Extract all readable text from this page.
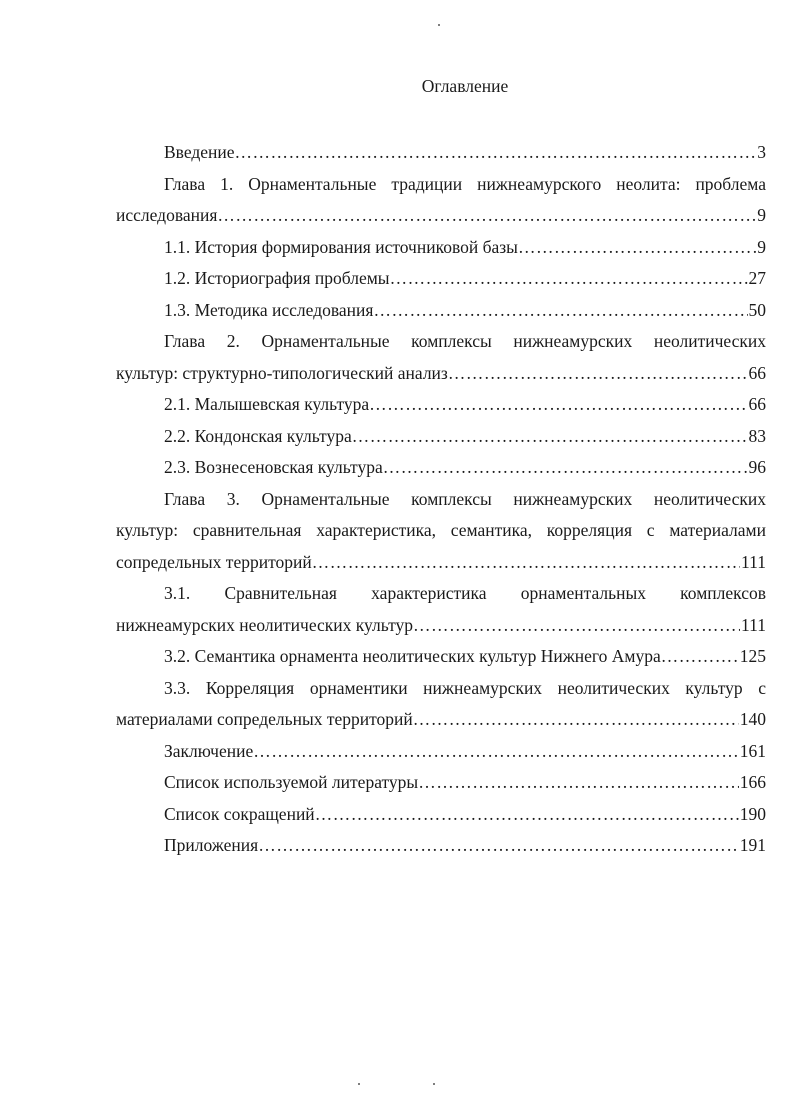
Оглавление
Введение ………………………………………………………………………………………………………………………………………………………………………………………………	3
Глава 1. Орнаментальные традиции нижнеамурского неолита: проблема
исследования ………………………………………………………………………………………………………………………………………………………………………………………………	9
1.1. История формирования источниковой базы ………………………………………………………………………………………………………………………………………………………………………………………………	9
1.2. Историография проблемы ………………………………………………………………………………………………………………………………………………………………………………………………	27
1.3. Методика исследования ………………………………………………………………………………………………………………………………………………………………………………………………	50
Глава 2. Орнаментальные комплексы нижнеамурских неолитических
культур: структурно-типологический анализ ………………………………………………………………………………………………………………………………………………………………………………………………	66
2.1. Малышевская культура ………………………………………………………………………………………………………………………………………………………………………………………………	66
2.2. Кондонская культура ………………………………………………………………………………………………………………………………………………………………………………………………	83
2.3. Вознесеновская культура ………………………………………………………………………………………………………………………………………………………………………………………………	96
Глава 3. Орнаментальные комплексы нижнеамурских неолитических
культур: сравнительная характеристика, семантика, корреляция с материалами
сопредельных территорий ………………………………………………………………………………………………………………………………………………………………………………………………	111
3.1. Сравнительная характеристика орнаментальных комплексов
нижнеамурских неолитических культур ………………………………………………………………………………………………………………………………………………………………………………………………	111
3.2. Семантика орнамента неолитических культур Нижнего Амура ………………………………………………………………………………………………………………………………………………………………………………………………	125
3.3. Корреляция орнаментики нижнеамурских неолитических культур с
материалами сопредельных территорий ………………………………………………………………………………………………………………………………………………………………………………………………	140
Заключение ………………………………………………………………………………………………………………………………………………………………………………………………	161
Список используемой литературы ………………………………………………………………………………………………………………………………………………………………………………………………	166
Список сокращений ………………………………………………………………………………………………………………………………………………………………………………………………	190
Приложения ………………………………………………………………………………………………………………………………………………………………………………………………	191
